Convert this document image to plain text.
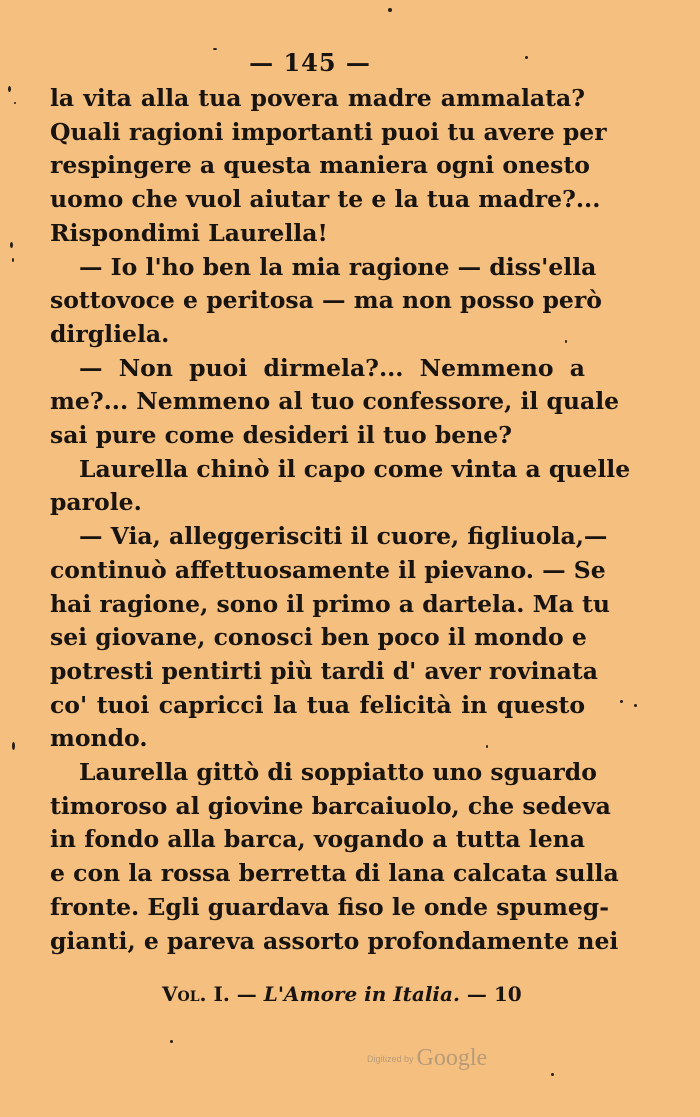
— 145 —
la vita alla tua povera madre ammalata?
Quali ragioni importanti puoi tu avere per
respingere a questa maniera ogni onesto
uomo che vuol aiutar te e la tua madre?...
Rispondimi Laurella!
— Io l'ho ben la mia ragione — diss'ella
sottovoce e peritosa — ma non posso però
dirgliela.
— Non puoi dirmela?... Nemmeno a
me?... Nemmeno al tuo confessore, il quale
sai pure come desideri il tuo bene?
Laurella chinò il capo come vinta a quelle
parole.
— Via, alleggerisciti il cuore, figliuola,—
continuò affettuosamente il pievano. — Se
hai ragione, sono il primo a dartela. Ma tu
sei giovane, conosci ben poco il mondo e
potresti pentirti più tardi d' aver rovinata
co' tuoi capricci la tua felicità in questo
mondo.
Laurella gittò di soppiatto uno sguardo
timoroso al giovine barcaiuolo, che sedeva
in fondo alla barca, vogando a tutta lena
e con la rossa berretta di lana calcata sulla
fronte. Egli guardava fiso le onde spumeg-
gianti, e pareva assorto profondamente nei
Vol. I. — L'Amore in Italia. — 10
Digitized by Google
